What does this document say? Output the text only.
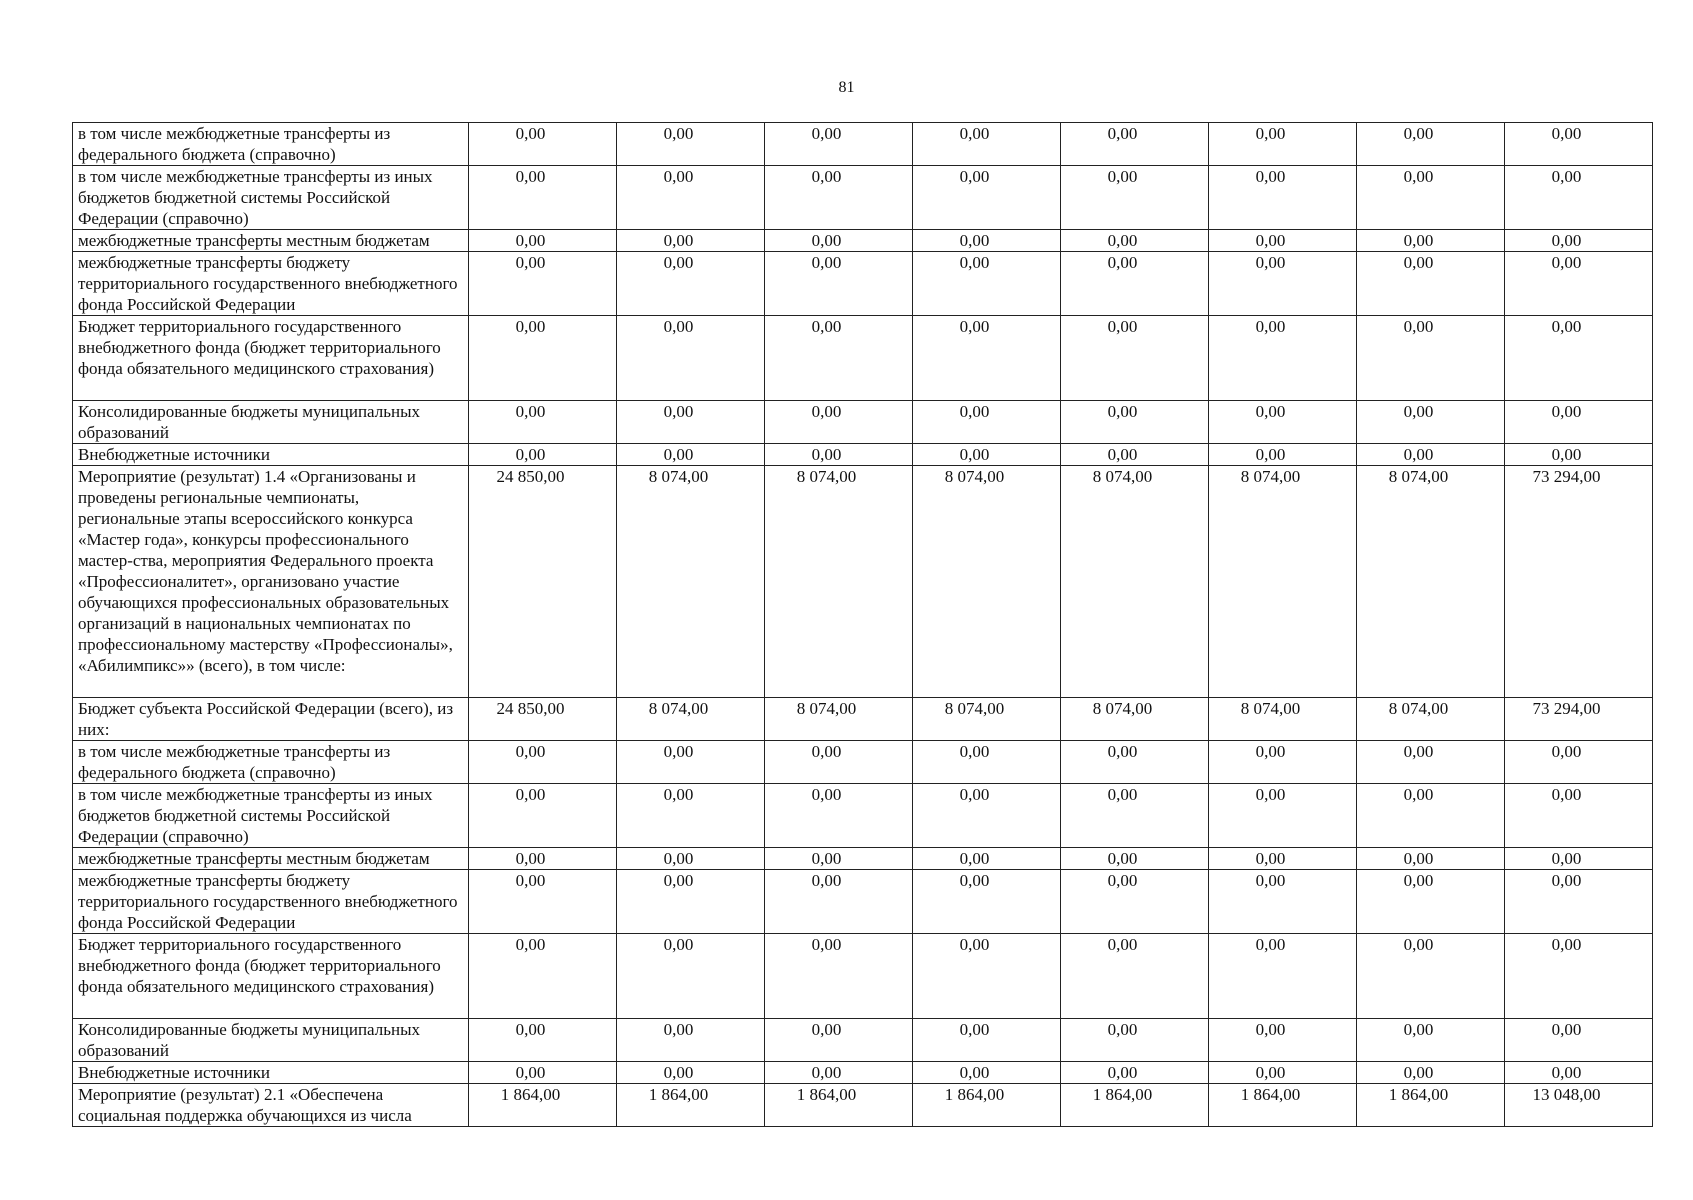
81
в том числе межбюджетные трансферты из федерального бюджета (справочно)	0,00	0,00	0,00	0,00	0,00	0,00	0,00	0,00
в том числе межбюджетные трансферты из иных бюджетов бюджетной системы Российской Федерации (справочно)	0,00	0,00	0,00	0,00	0,00	0,00	0,00	0,00
межбюджетные трансферты местным бюджетам	0,00	0,00	0,00	0,00	0,00	0,00	0,00	0,00
межбюджетные трансферты бюджету территориального государственного внебюджетного фонда Российской Федерации	0,00	0,00	0,00	0,00	0,00	0,00	0,00	0,00
Бюджет территориального государственного внебюджетного фонда (бюджет территориального фонда обязательного медицинского страхования)	0,00	0,00	0,00	0,00	0,00	0,00	0,00	0,00
Консолидированные бюджеты муниципальных образований	0,00	0,00	0,00	0,00	0,00	0,00	0,00	0,00
Внебюджетные источники	0,00	0,00	0,00	0,00	0,00	0,00	0,00	0,00
Мероприятие (результат) 1.4 «Организованы и проведены региональные чемпионаты, региональные этапы всероссийского конкурса «Мастер года», конкурсы профессионального мастер-ства, мероприятия Федерального проекта «Профессионалитет», организовано участие обучающихся профессиональных образовательных организаций в национальных чемпионатах по профессиональному мастерству «Профессионалы», «Абилимпикс»» (всего), в том числе:	24 850,00	8 074,00	8 074,00	8 074,00	8 074,00	8 074,00	8 074,00	73 294,00
Бюджет субъекта Российской Федерации (всего), из них:	24 850,00	8 074,00	8 074,00	8 074,00	8 074,00	8 074,00	8 074,00	73 294,00
в том числе межбюджетные трансферты из федерального бюджета (справочно)	0,00	0,00	0,00	0,00	0,00	0,00	0,00	0,00
в том числе межбюджетные трансферты из иных бюджетов бюджетной системы Российской Федерации (справочно)	0,00	0,00	0,00	0,00	0,00	0,00	0,00	0,00
межбюджетные трансферты местным бюджетам	0,00	0,00	0,00	0,00	0,00	0,00	0,00	0,00
межбюджетные трансферты бюджету территориального государственного внебюджетного фонда Российской Федерации	0,00	0,00	0,00	0,00	0,00	0,00	0,00	0,00
Бюджет территориального государственного внебюджетного фонда (бюджет территориального фонда обязательного медицинского страхования)	0,00	0,00	0,00	0,00	0,00	0,00	0,00	0,00
Консолидированные бюджеты муниципальных образований	0,00	0,00	0,00	0,00	0,00	0,00	0,00	0,00
Внебюджетные источники	0,00	0,00	0,00	0,00	0,00	0,00	0,00	0,00
Мероприятие (результат) 2.1 «Обеспечена социальная поддержка обучающихся из числа	1 864,00	1 864,00	1 864,00	1 864,00	1 864,00	1 864,00	1 864,00	13 048,00
